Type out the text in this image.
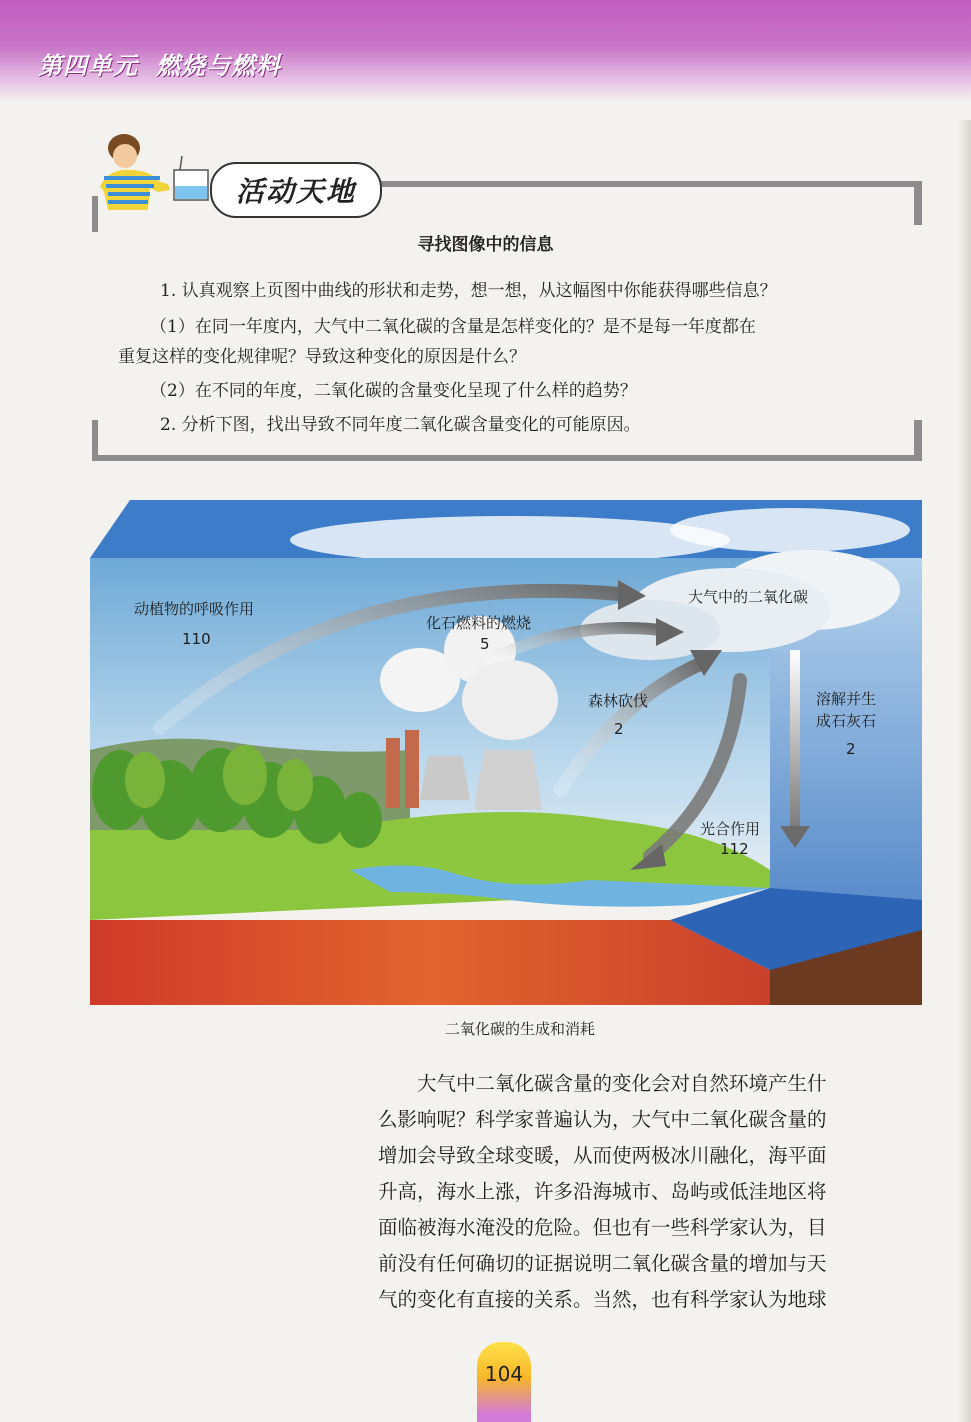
第四单元 燃烧与燃料
活动天地
寻找图像中的信息
1. 认真观察上页图中曲线的形状和走势，想一想，从这幅图中你能获得哪些信息？
（1）在同一年度内，大气中二氧化碳的含量是怎样变化的？是不是每一年度都在
重复这样的变化规律呢？导致这种变化的原因是什么？
（2）在不同的年度，二氧化碳的含量变化呈现了什么样的趋势？
2. 分析下图，找出导致不同年度二氧化碳含量变化的可能原因。
动植物的呼吸作用
110
化石燃料的燃烧
5
大气中的二氧化碳
森林砍伐
2
溶解并生
成石灰石
2
光合作用
112
二氧化碳的生成和消耗

大气中二氧化碳含量的变化会对自然环境产生什

么影响呢？科学家普遍认为，大气中二氧化碳含量的

增加会导致全球变暖，从而使两极冰川融化，海平面

升高，海水上涨，许多沿海城市、岛屿或低洼地区将

面临被海水淹没的危险。但也有一些科学家认为，目

前没有任何确切的证据说明二氧化碳含量的增加与天

气的变化有直接的关系。当然，也有科学家认为地球

104
